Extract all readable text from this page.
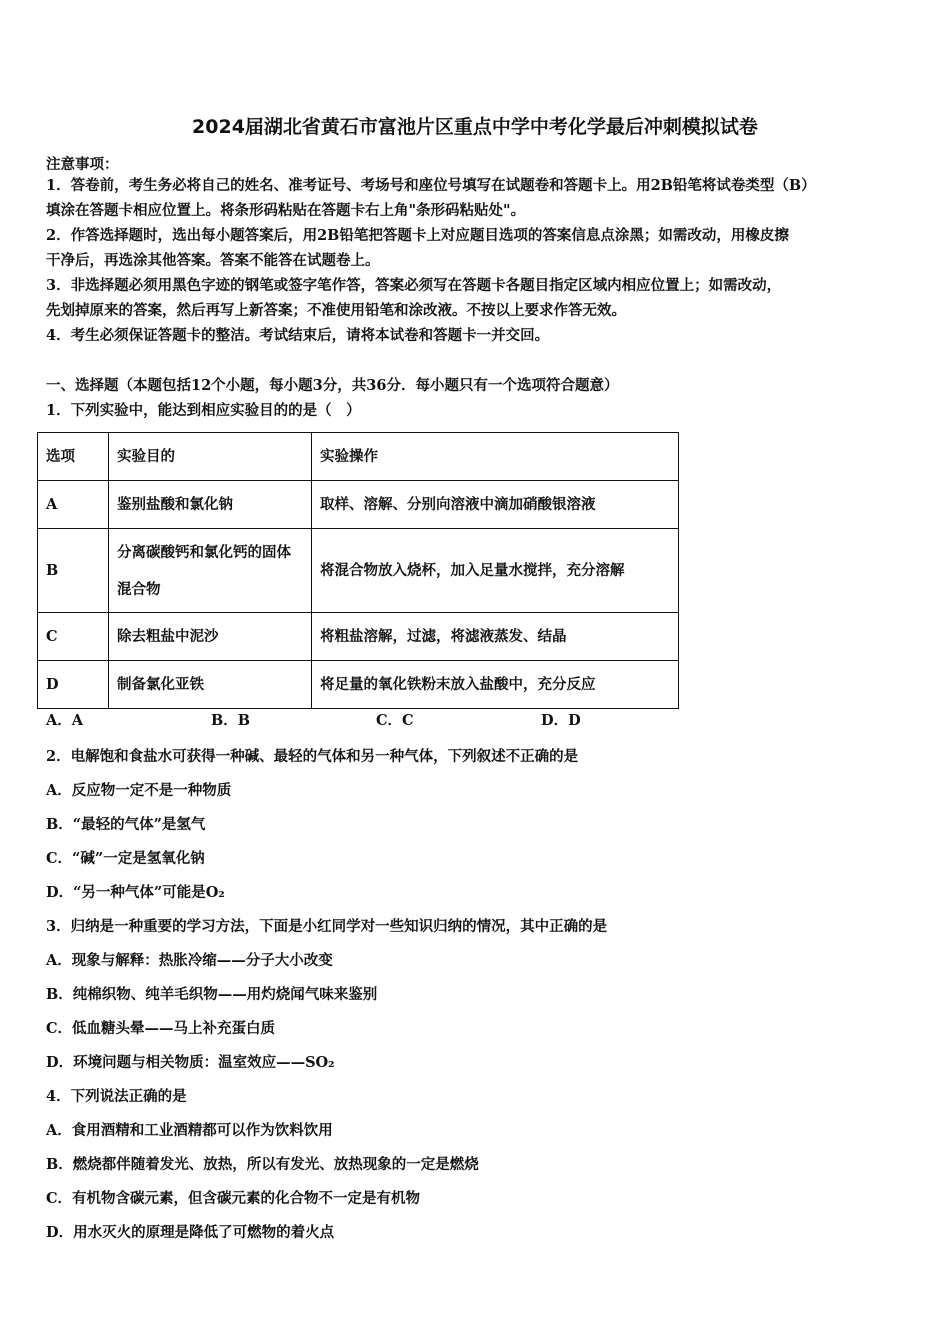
2024届湖北省黄石市富池片区重点中学中考化学最后冲刺模拟试卷
注意事项：

1．答卷前，考生务必将自己的姓名、准考证号、考场号和座位号填写在试题卷和答题卡上。用2B铅笔将试卷类型（B）

填涂在答题卡相应位置上。将条形码粘贴在答题卡右上角"条形码粘贴处"。

2．作答选择题时，选出每小题答案后，用2B铅笔把答题卡上对应题目选项的答案信息点涂黑；如需改动，用橡皮擦

干净后，再选涂其他答案。答案不能答在试题卷上。

3．非选择题必须用黑色字迹的钢笔或签字笔作答，答案必须写在答题卡各题目指定区域内相应位置上；如需改动，

先划掉原来的答案，然后再写上新答案；不准使用铅笔和涂改液。不按以上要求作答无效。

4．考生必须保证答题卡的整洁。考试结束后，请将本试卷和答题卡一并交回。

一、选择题（本题包括12个小题，每小题3分，共36分．每小题只有一个选项符合题意）
1．下列实验中，能达到相应实验目的的是（　）
选项	实验目的	实验操作
A	鉴别盐酸和氯化钠	取样、溶解、分别向溶液中滴加硝酸银溶液
B	分离碳酸钙和氯化钙的固体混合物	将混合物放入烧杯，加入足量水搅拌，充分溶解
C	除去粗盐中泥沙	将粗盐溶解，过滤，将滤液蒸发、结晶
D	制备氯化亚铁	将足量的氧化铁粉末放入盐酸中，充分反应
A．A	B．B	C．C	D．D
2．电解饱和食盐水可获得一种碱、最轻的气体和另一种气体，下列叙述不正确的是
A．反应物一定不是一种物质
B．“最轻的气体”是氢气
C．“碱”一定是氢氧化钠
D．“另一种气体”可能是O₂
3．归纳是一种重要的学习方法，下面是小红同学对一些知识归纳的情况，其中正确的是
A．现象与解释：热胀冷缩——分子大小改变
B．纯棉织物、纯羊毛织物——用灼烧闻气味来鉴别
C．低血糖头晕——马上补充蛋白质
D．环境问题与相关物质：温室效应——SO₂
4．下列说法正确的是
A．食用酒精和工业酒精都可以作为饮料饮用
B．燃烧都伴随着发光、放热，所以有发光、放热现象的一定是燃烧
C．有机物含碳元素，但含碳元素的化合物不一定是有机物
D．用水灭火的原理是降低了可燃物的着火点
